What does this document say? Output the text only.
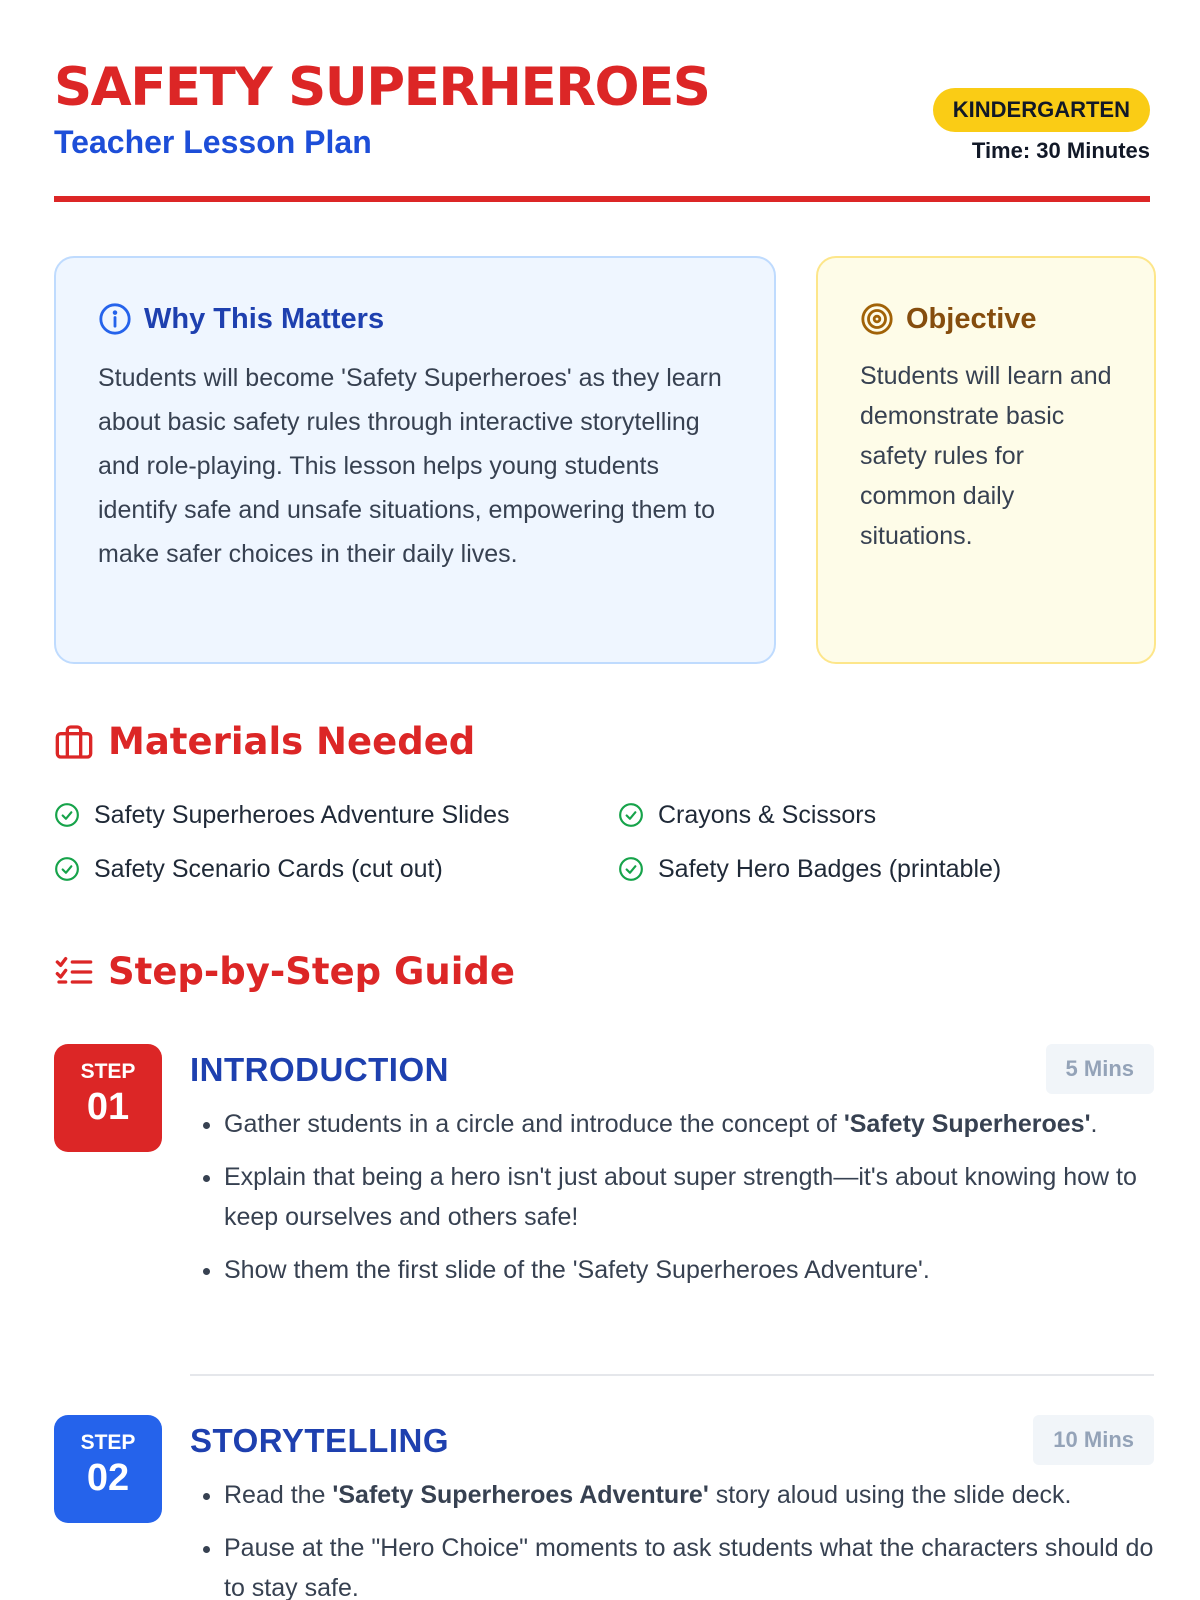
SAFETY SUPERHEROES
Teacher Lesson Plan
KINDERGARTEN
Time: 30 Minutes
Why This Matters

Students will become 'Safety Superheroes' as they learn about basic safety rules through interactive storytelling and role-playing. This lesson helps young students identify safe and unsafe situations, empowering them to make safer choices in their daily lives.

Objective

Students will learn and demonstrate basic safety rules for common daily situations.

Materials Needed
Safety Superheroes Adventure Slides	Crayons & Scissors
Safety Scenario Cards (cut out)	Safety Hero Badges (printable)
Step-by-Step Guide
STEP
01
INTRODUCTION	5 Mins
• Gather students in a circle and introduce the concept of 'Safety Superheroes'.
• Explain that being a hero isn't just about super strength—it's about knowing how to keep ourselves and others safe!
• Show them the first slide of the 'Safety Superheroes Adventure'.
STEP
02
STORYTELLING	10 Mins
• Read the 'Safety Superheroes Adventure' story aloud using the slide deck.
• Pause at the "Hero Choice" moments to ask students what the characters should do to stay safe.
